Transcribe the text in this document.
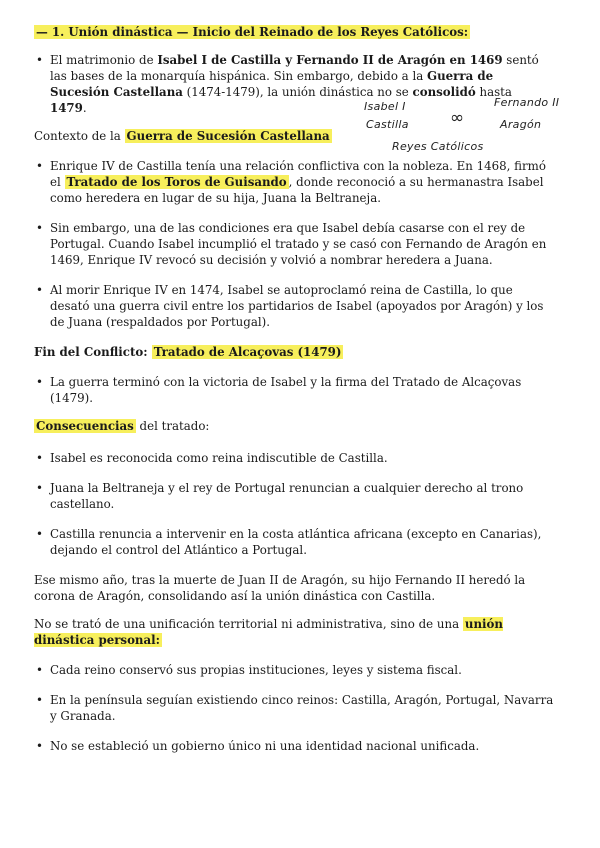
— 1. Unión dinástica — Inicio del Reinado de los Reyes Católicos:
• El matrimonio de Isabel I de Castilla y Fernando II de Aragón en 1469 sentó las bases de la monarquía hispánica. Sin embargo, debido a la Guerra de Sucesión Castellana (1474-1479), la unión dinástica no se consolidó hasta 1479.	Isabel I
Castilla ∞
Fernando II
Aragón
Reyes Católicos
Contexto de la Guerra de Sucesión Castellana
• Enrique IV de Castilla tenía una relación conflictiva con la nobleza. En 1468, firmó el Tratado de los Toros de Guisando , donde reconoció a su hermanastra Isabel como heredera en lugar de su hija, Juana la Beltraneja.
• Sin embargo, una de las condiciones era que Isabel debía casarse con el rey de Portugal. Cuando Isabel incumplió el tratado y se casó con Fernando de Aragón en 1469, Enrique IV revocó su decisión y volvió a nombrar heredera a Juana.
• Al morir Enrique IV en 1474, Isabel se autoproclamó reina de Castilla, lo que desató una guerra civil entre los partidarios de Isabel (apoyados por Aragón) y los de Juana (respaldados por Portugal).
Fin del Conflicto: Tratado de Alcaçovas (1479)
• La guerra terminó con la victoria de Isabel y la firma del Tratado de Alcaçovas (1479).
Consecuencias del tratado:
• Isabel es reconocida como reina indiscutible de Castilla.
• Juana la Beltraneja y el rey de Portugal renuncian a cualquier derecho al trono castellano.
• Castilla renuncia a intervenir en la costa atlántica africana (excepto en Canarias), dejando el control del Atlántico a Portugal.
Ese mismo año, tras la muerte de Juan II de Aragón, su hijo Fernando II heredó la corona de Aragón, consolidando así la unión dinástica con Castilla.
No se trató de una unificación territorial ni administrativa, sino de una unión dinástica personal:
• Cada reino conservó sus propias instituciones, leyes y sistema fiscal.
• En la península seguían existiendo cinco reinos: Castilla, Aragón, Portugal, Navarra y Granada.
• No se estableció un gobierno único ni una identidad nacional unificada.
